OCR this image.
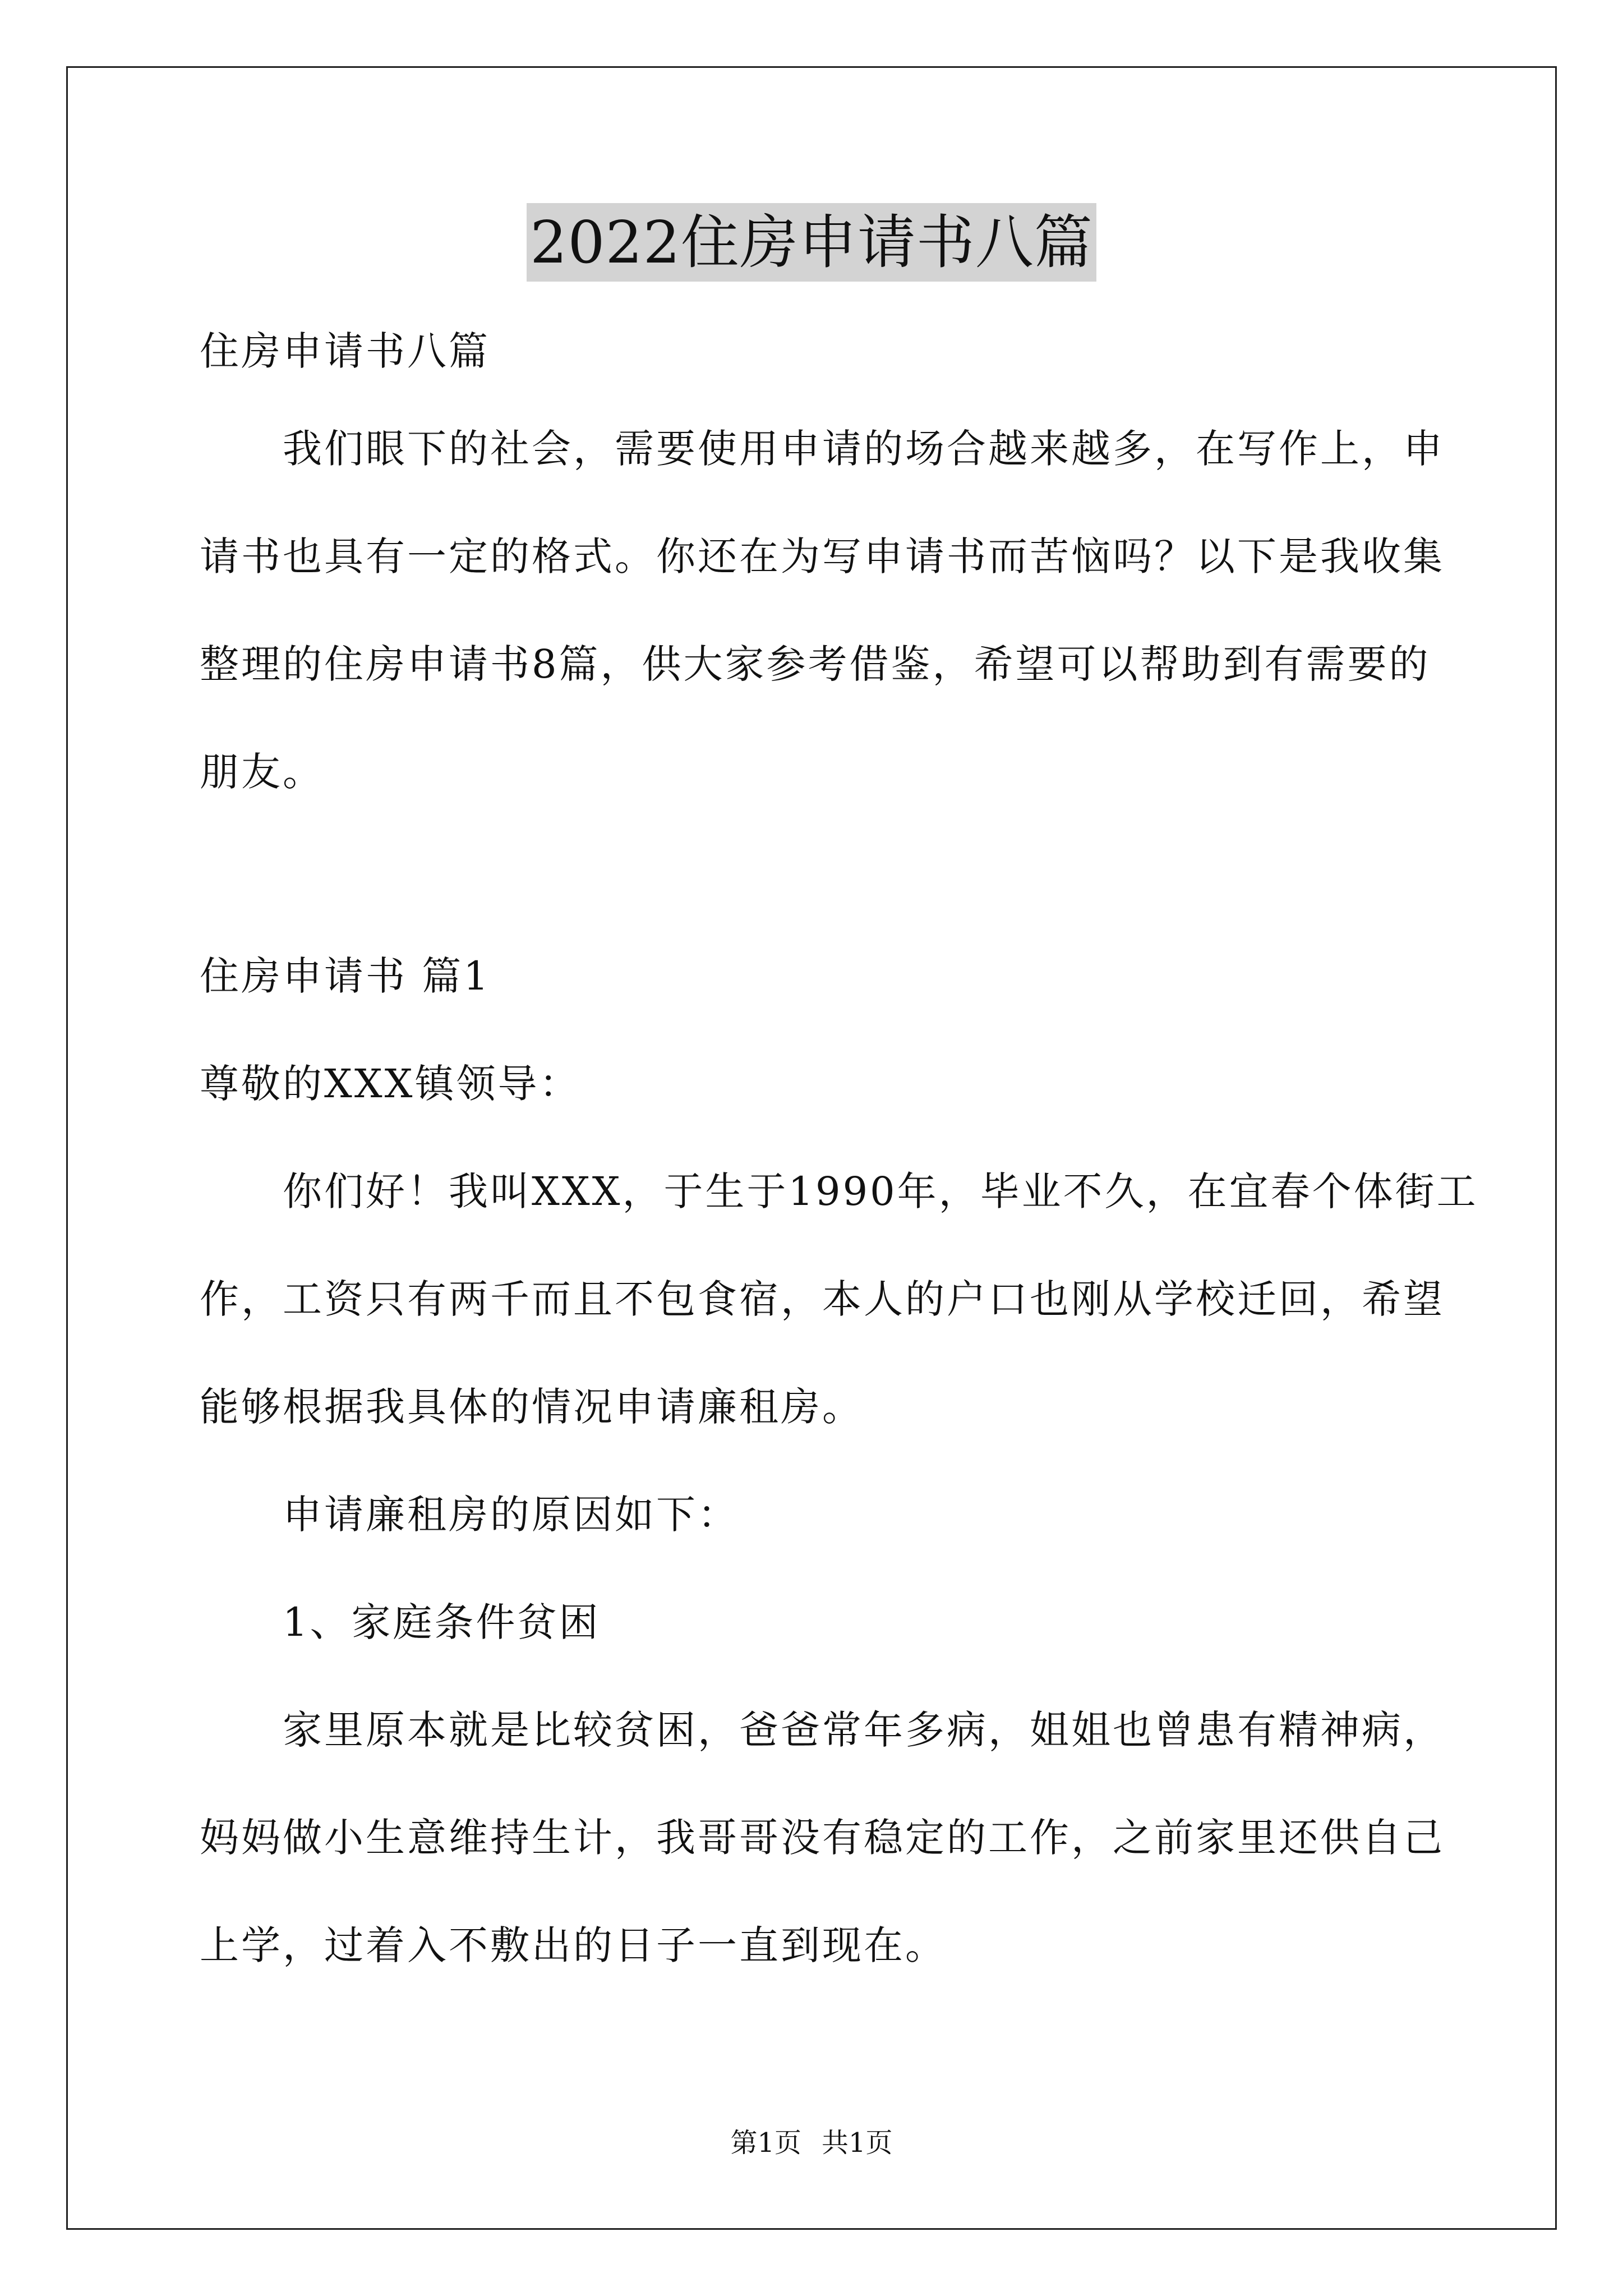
2022住房申请书八篇
住房申请书八篇
我们眼下的社会，需要使用申请的场合越来越多，在写作上，申
请书也具有一定的格式。你还在为写申请书而苦恼吗？以下是我收集
整理的住房申请书8篇，供大家参考借鉴，希望可以帮助到有需要的
朋友。
住房申请书 篇1
尊敬的XXX镇领导：
你们好！我叫XXX，于生于1990年，毕业不久，在宜春个体街工
作，工资只有两千而且不包食宿，本人的户口也刚从学校迁回，希望
能够根据我具体的情况申请廉租房。
申请廉租房的原因如下：
1、家庭条件贫困
家里原本就是比较贫困，爸爸常年多病，姐姐也曾患有精神病，
妈妈做小生意维持生计，我哥哥没有稳定的工作，之前家里还供自己
上学，过着入不敷出的日子一直到现在。
第1页 共1页
